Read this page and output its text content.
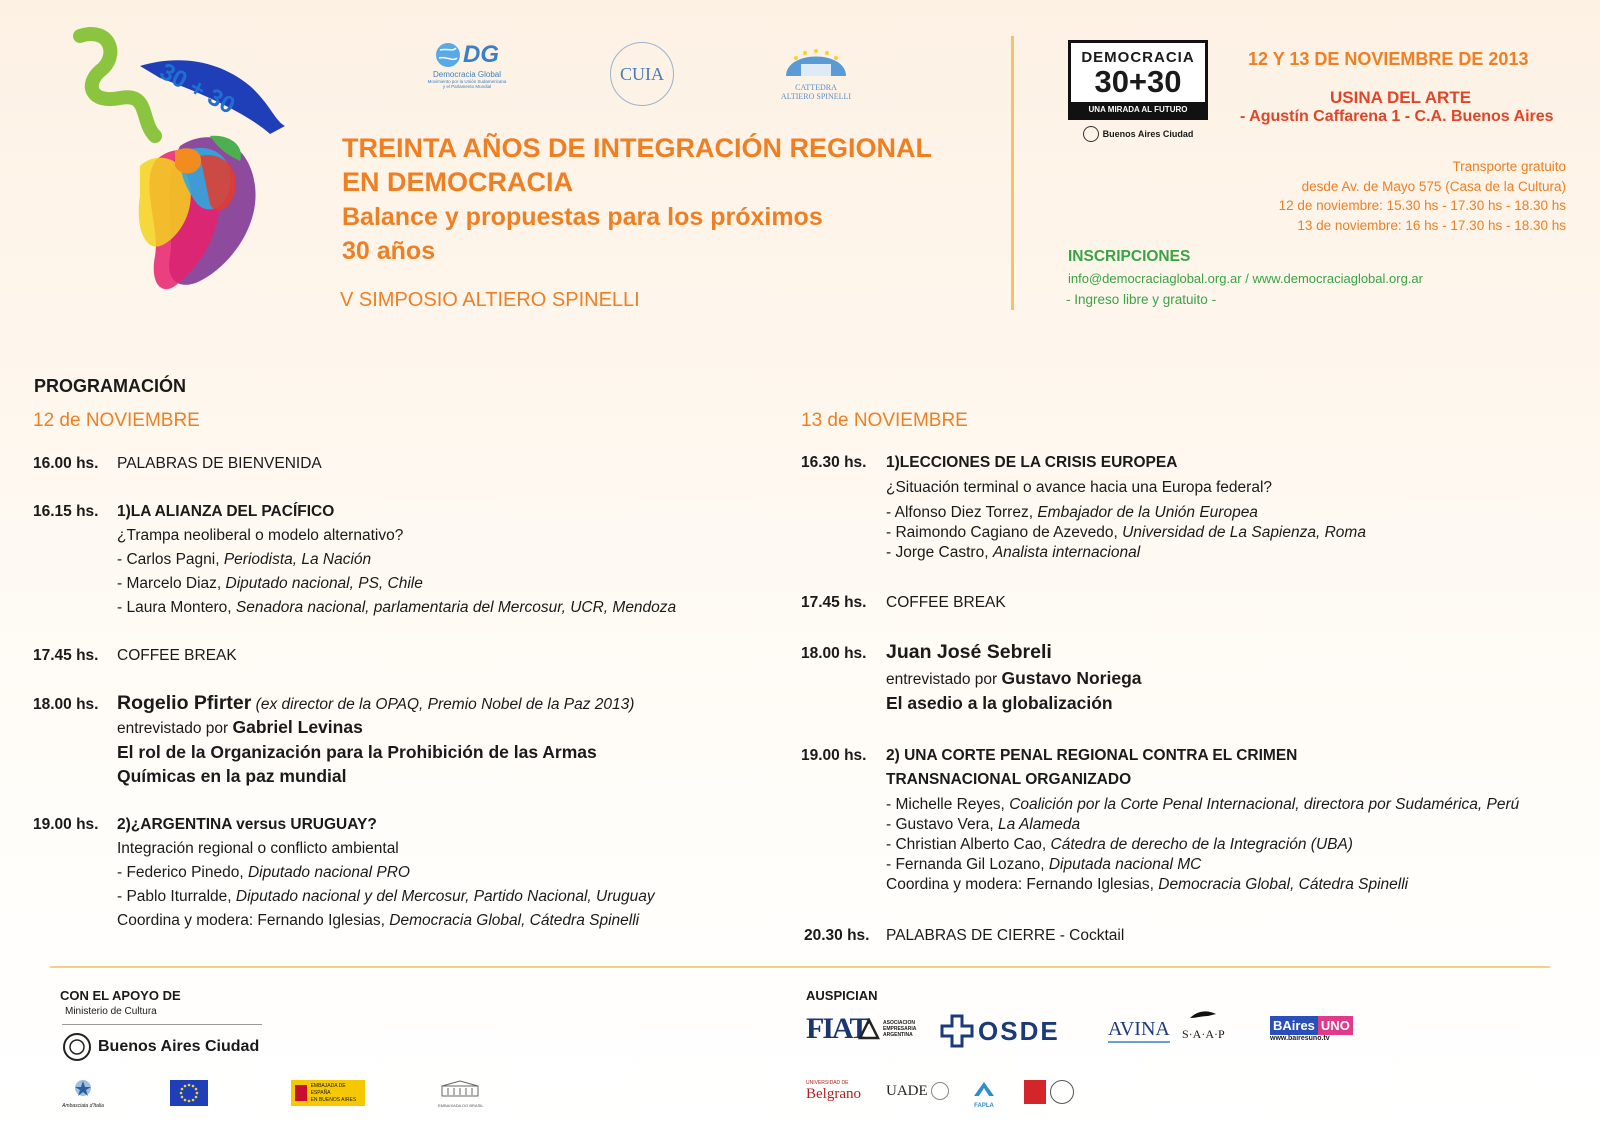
30 + 30
DG
Democracia Global
Movimiento por la Unión Sudamericana
y el Parlamento Mundial
CUIA
CATTEDRA
ALTIERO SPINELLI
TREINTA AÑOS DE INTEGRACIÓN REGIONAL
EN DEMOCRACIA
Balance y propuestas para los próximos
30 años
V SIMPOSIO ALTIERO SPINELLI
DEMOCRACIA
30+30
UNA MIRADA AL FUTURO
Buenos Aires Ciudad
12 Y 13 DE NOVIEMBRE DE 2013
USINA DEL ARTE
- Agustín Caffarena 1 - C.A. Buenos Aires
Transporte gratuito
desde Av. de Mayo 575 (Casa de la Cultura)
12 de noviembre: 15.30 hs - 17.30 hs - 18.30 hs
13 de noviembre: 16 hs - 17.30 hs - 18.30 hs
INSCRIPCIONES
info@democraciaglobal.org.ar / www.democraciaglobal.org.ar
- Ingreso libre y gratuito -
PROGRAMACIÓN
12 de NOVIEMBRE
16.00 hs. PALABRAS DE BIENVENIDA
16.15 hs. 1)LA ALIANZA DEL PACÍFICO
¿Trampa neoliberal o modelo alternativo?
- Carlos Pagni, Periodista, La Nación
- Marcelo Diaz, Diputado nacional, PS, Chile
- Laura Montero, Senadora nacional, parlamentaria del Mercosur, UCR, Mendoza
17.45 hs. COFFEE BREAK
18.00 hs. Rogelio Pfirter (ex director de la OPAQ, Premio Nobel de la Paz 2013)
entrevistado por Gabriel Levinas
El rol de la Organización para la Prohibición de las Armas
Químicas en la paz mundial
19.00 hs. 2)¿ARGENTINA versus URUGUAY?
Integración regional o conflicto ambiental
- Federico Pinedo, Diputado nacional PRO
- Pablo Iturralde, Diputado nacional y del Mercosur, Partido Nacional, Uruguay
Coordina y modera: Fernando Iglesias, Democracia Global, Cátedra Spinelli
13 de NOVIEMBRE
16.30 hs. 1)LECCIONES DE LA CRISIS EUROPEA
¿Situación terminal o avance hacia una Europa federal?
- Alfonso Diez Torrez, Embajador de la Unión Europea
- Raimondo Cagiano de Azevedo, Universidad de La Sapienza, Roma
- Jorge Castro, Analista internacional
17.45 hs. COFFEE BREAK
18.00 hs. Juan José Sebreli
entrevistado por Gustavo Noriega
El asedio a la globalización
19.00 hs. 2) UNA CORTE PENAL REGIONAL CONTRA EL CRIMEN
TRANSNACIONAL ORGANIZADO
- Michelle Reyes, Coalición por la Corte Penal Internacional, directora por Sudamérica, Perú
- Gustavo Vera, La Alameda
- Christian Alberto Cao, Cátedra de derecho de la Integración (UBA)
- Fernanda Gil Lozano, Diputada nacional MC
Coordina y modera: Fernando Iglesias, Democracia Global, Cátedra Spinelli
20.30 hs. PALABRAS DE CIERRE - Cocktail
CON EL APOYO DE
Ministerio de Cultura
Buenos Aires Ciudad
Ambasciata d'Italia
EMBAJADA DE ESPAÑA
EN BUENOS AIRES
EMBAIXADA DO BRASIL
AUSPICIAN
FIAT	ASOCIACION
EMPRESARIA
ARGENTINA	OSDE AVINA S·A·A·P
BAires UNO
www.bairesuno.tv
UNIVERSIDAD DE
Belgrano UADE
FAPLA
